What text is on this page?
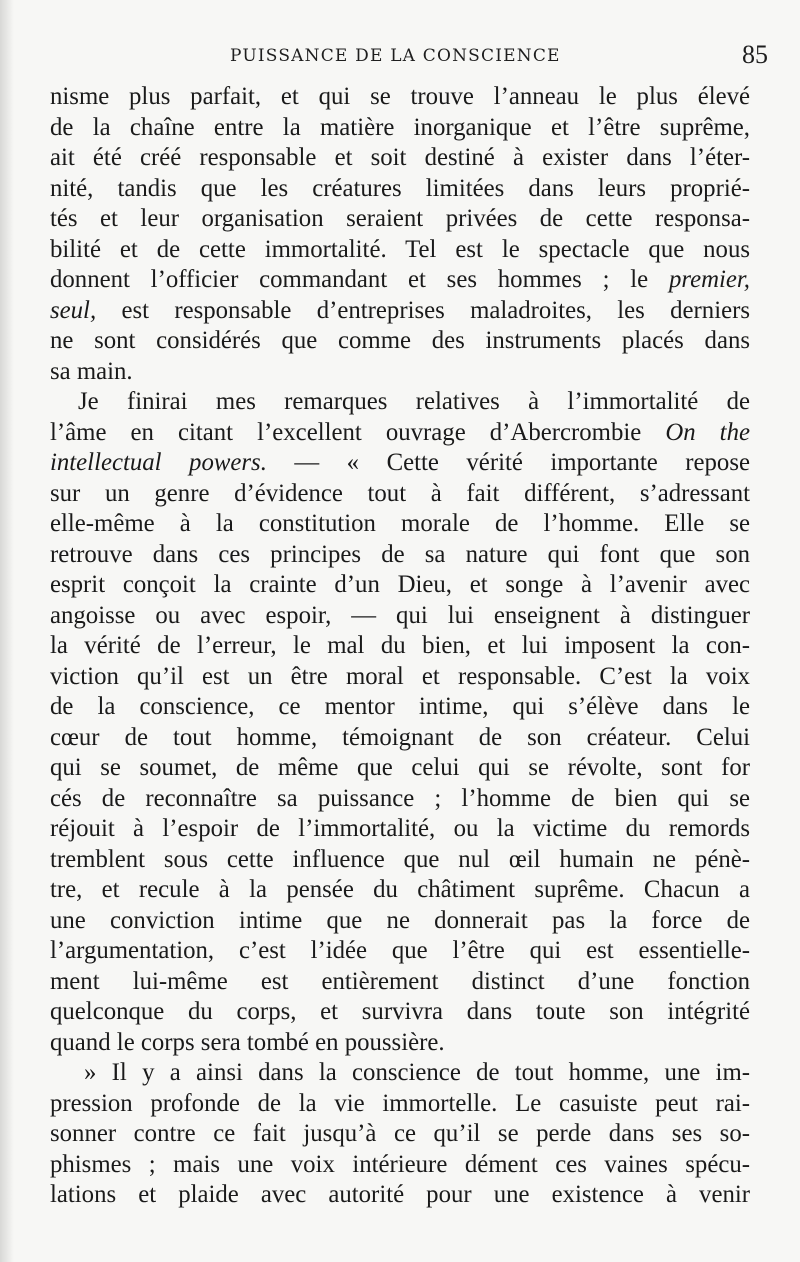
PUISSANCE DE LA CONSCIENCE	85
nisme plus parfait, et qui se trouve l’anneau le plus élevé
de la chaîne entre la matière inorganique et l’être suprême,
ait été créé responsable et soit destiné à exister dans l’éter-
nité, tandis que les créatures limitées dans leurs proprié-
tés et leur organisation seraient privées de cette responsa-
bilité et de cette immortalité. Tel est le spectacle que nous
donnent l’officier commandant et ses hommes ; le premier,
seul, est responsable d’entreprises maladroites, les derniers
ne sont considérés que comme des instruments placés dans
sa main.
Je finirai mes remarques relatives à l’immortalité de
l’âme en citant l’excellent ouvrage d’Abercrombie On the
intellectual powers. — « Cette vérité importante repose
sur un genre d’évidence tout à fait différent, s’adressant
elle-même à la constitution morale de l’homme. Elle se
retrouve dans ces principes de sa nature qui font que son
esprit conçoit la crainte d’un Dieu, et songe à l’avenir avec
angoisse ou avec espoir, — qui lui enseignent à distinguer
la vérité de l’erreur, le mal du bien, et lui imposent la con-
viction qu’il est un être moral et responsable. C’est la voix
de la conscience, ce mentor intime, qui s’élève dans le
cœur de tout homme, témoignant de son créateur. Celui
qui se soumet, de même que celui qui se révolte, sont for
cés de reconnaître sa puissance ; l’homme de bien qui se
réjouit à l’espoir de l’immortalité, ou la victime du remords
tremblent sous cette influence que nul œil humain ne pénè-
tre, et recule à la pensée du châtiment suprême. Chacun a
une conviction intime que ne donnerait pas la force de
l’argumentation, c’est l’idée que l’être qui est essentielle-
ment lui-même est entièrement distinct d’une fonction
quelconque du corps, et survivra dans toute son intégrité
quand le corps sera tombé en poussière.
» Il y a ainsi dans la conscience de tout homme, une im-
pression profonde de la vie immortelle. Le casuiste peut rai-
sonner contre ce fait jusqu’à ce qu’il se perde dans ses so-
phismes ; mais une voix intérieure dément ces vaines spécu-
lations et plaide avec autorité pour une existence à venir
